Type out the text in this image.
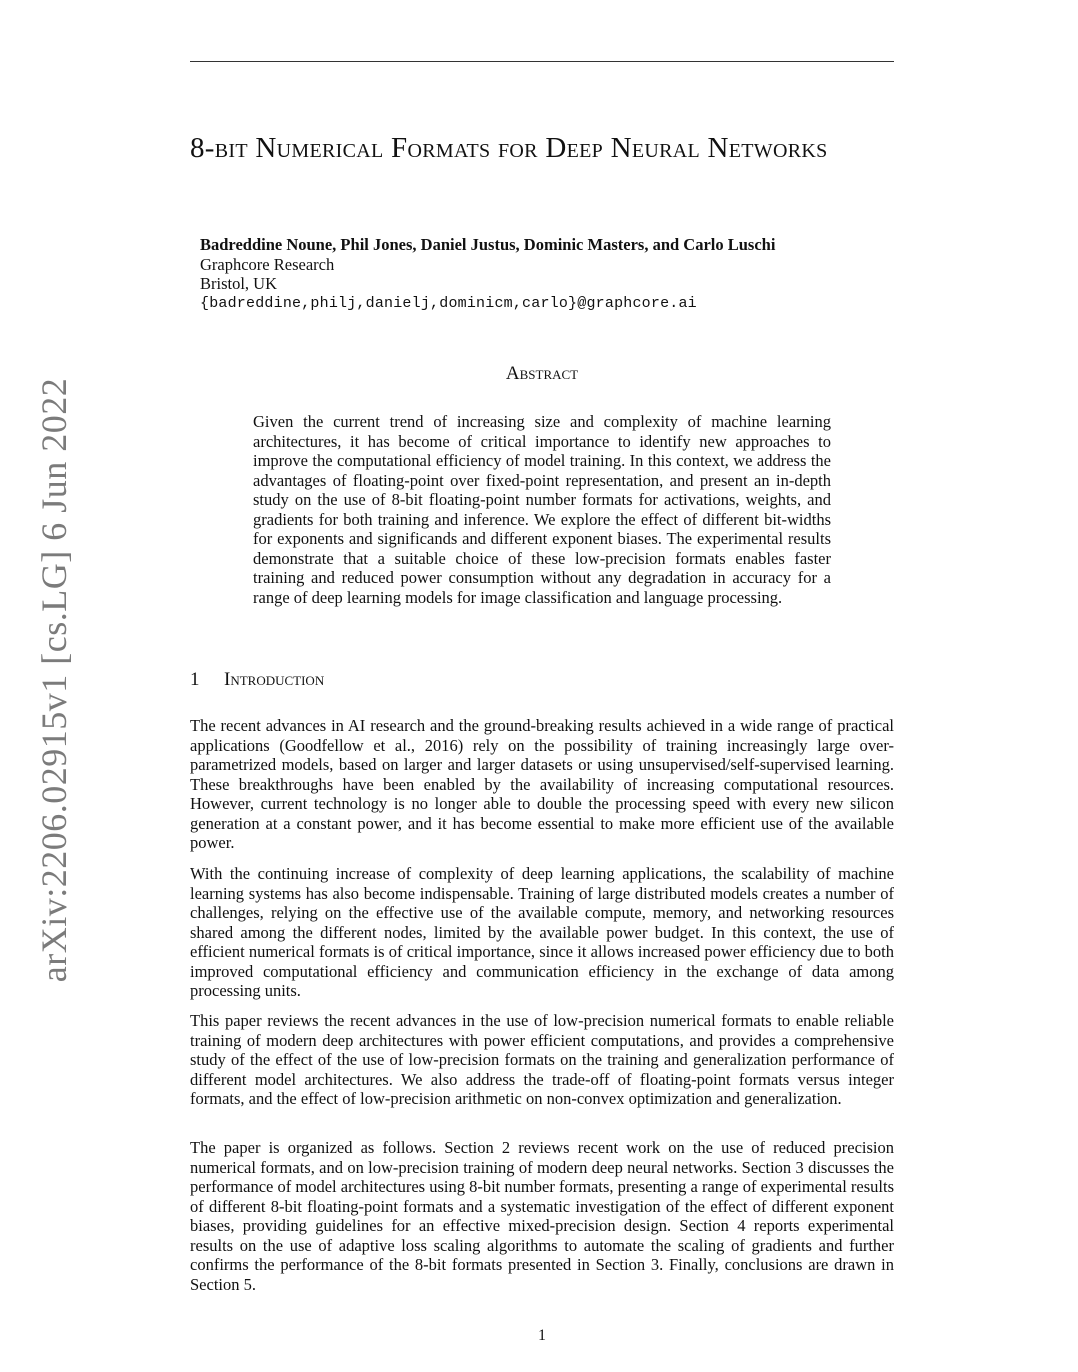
arXiv:2206.02915v1 [cs.LG] 6 Jun 2022
8-bit Numerical Formats for Deep Neural Networks
Badreddine Noune, Phil Jones, Daniel Justus, Dominic Masters, and Carlo Luschi
Graphcore Research
Bristol, UK
{badreddine,philj,danielj,dominicm,carlo}@graphcore.ai
Abstract

Given the current trend of increasing size and complexity of machine learning architectures, it has become of critical importance to identify new approaches to improve the computational efficiency of model training. In this context, we address the advantages of floating-point over fixed-point representation, and present an in-depth study on the use of 8-bit floating-point number formats for activations, weights, and gradients for both training and inference. We explore the effect of different bit-widths for exponents and significands and different exponent biases. The experimental results demonstrate that a suitable choice of these low-precision formats enables faster training and reduced power consumption without any degradation in accuracy for a range of deep learning models for image classification and language processing.

1 Introduction

The recent advances in AI research and the ground-breaking results achieved in a wide range of practical applications (Goodfellow et al., 2016) rely on the possibility of training increasingly large over-parametrized models, based on larger and larger datasets or using unsupervised/self-supervised learning. These breakthroughs have been enabled by the availability of increasing computational resources. However, current technology is no longer able to double the processing speed with every new silicon generation at a constant power, and it has become essential to make more efficient use of the available power.

With the continuing increase of complexity of deep learning applications, the scalability of machine learning systems has also become indispensable. Training of large distributed models creates a number of challenges, relying on the effective use of the available compute, memory, and networking resources shared among the different nodes, limited by the available power budget. In this context, the use of efficient numerical formats is of critical importance, since it allows increased power efficiency due to both improved computational efficiency and communication efficiency in the exchange of data among processing units.

This paper reviews the recent advances in the use of low-precision numerical formats to enable reliable training of modern deep architectures with power efficient computations, and provides a comprehensive study of the effect of the use of low-precision formats on the training and generalization performance of different model architectures. We also address the trade-off of floating-point formats versus integer formats, and the effect of low-precision arithmetic on non-convex optimization and generalization.

The paper is organized as follows. Section 2 reviews recent work on the use of reduced precision numerical formats, and on low-precision training of modern deep neural networks. Section 3 discusses the performance of model architectures using 8-bit number formats, presenting a range of experimental results of different 8-bit floating-point formats and a systematic investigation of the effect of different exponent biases, providing guidelines for an effective mixed-precision design. Section 4 reports experimental results on the use of adaptive loss scaling algorithms to automate the scaling of gradients and further confirms the performance of the 8-bit formats presented in Section 3. Finally, conclusions are drawn in Section 5.

1
